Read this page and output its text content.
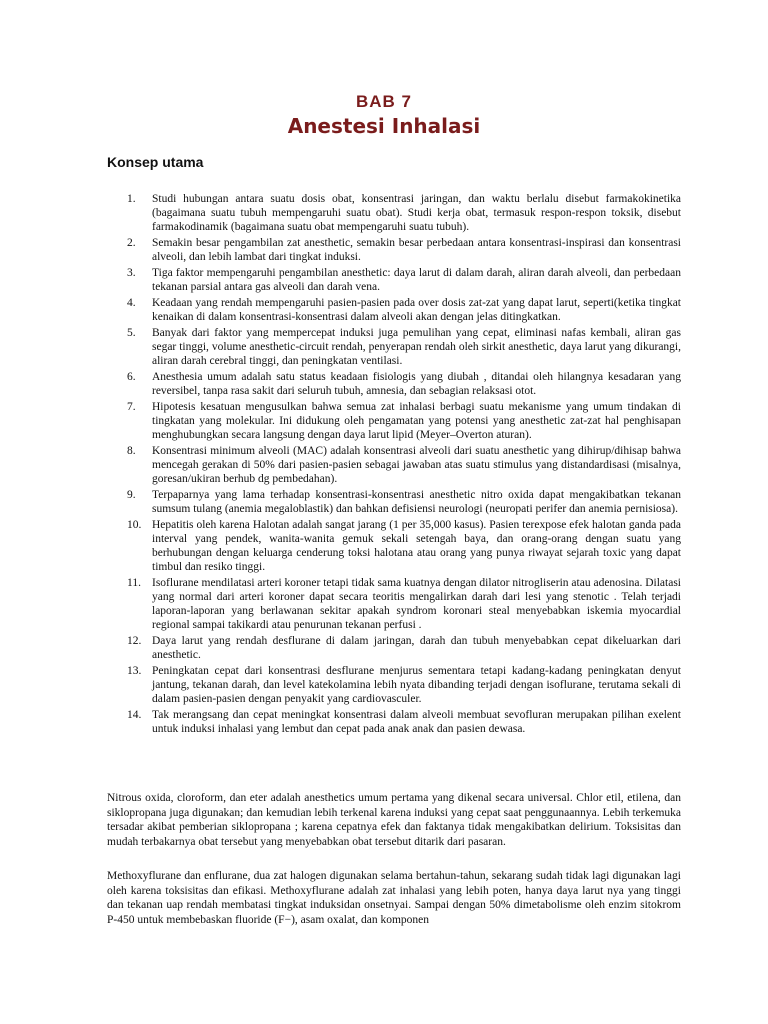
BAB 7
Anestesi Inhalasi
Konsep utama
1.	Studi hubungan antara suatu dosis obat, konsentrasi jaringan, dan waktu berlalu disebut farmakokinetika (bagaimana suatu tubuh mempengaruhi suatu obat). Studi kerja obat, termasuk respon-respon toksik, disebut farmakodinamik (bagaimana suatu obat mempengaruhi suatu tubuh).
2.	Semakin besar pengambilan zat anesthetic, semakin besar perbedaan antara konsentrasi-inspirasi dan konsentrasi alveoli, dan lebih lambat dari tingkat induksi.
3.	Tiga faktor mempengaruhi pengambilan anesthetic: daya larut di dalam darah, aliran darah alveoli, dan perbedaan tekanan parsial antara gas alveoli dan darah vena.
4.	Keadaan yang rendah mempengaruhi pasien-pasien pada over dosis zat-zat yang dapat larut, seperti(ketika tingkat kenaikan di dalam konsentrasi-konsentrasi dalam alveoli akan dengan jelas ditingkatkan.
5.	Banyak dari faktor yang mempercepat induksi juga pemulihan yang cepat, eliminasi nafas kembali, aliran gas segar tinggi, volume anesthetic-circuit rendah, penyerapan rendah oleh sirkit anesthetic, daya larut yang dikurangi, aliran darah cerebral tinggi, dan peningkatan ventilasi.
6.	Anesthesia umum adalah satu status keadaan fisiologis yang diubah , ditandai oleh hilangnya kesadaran yang reversibel, tanpa rasa sakit dari seluruh tubuh, amnesia, dan sebagian relaksasi otot.
7.	Hipotesis kesatuan mengusulkan bahwa semua zat inhalasi berbagi suatu mekanisme yang umum tindakan di tingkatan yang molekular. Ini didukung oleh pengamatan yang potensi yang anesthetic zat-zat hal penghisapan menghubungkan secara langsung dengan daya larut lipid (Meyer–Overton aturan).
8.	Konsentrasi minimum alveoli (MAC) adalah konsentrasi alveoli dari suatu anesthetic yang dihirup/dihisap bahwa mencegah gerakan di 50% dari pasien-pasien sebagai jawaban atas suatu stimulus yang distandardisasi (misalnya, goresan/ukiran berhub dg pembedahan).
9.	Terpaparnya yang lama terhadap konsentrasi-konsentrasi anesthetic nitro oxida dapat mengakibatkan tekanan sumsum tulang (anemia megaloblastik) dan bahkan defisiensi neurologi (neuropati perifer dan anemia pernisiosa).
10. Hepatitis oleh karena Halotan adalah sangat jarang (1 per 35,000 kasus). Pasien terexpose efek halotan ganda pada interval yang pendek, wanita-wanita gemuk sekali setengah baya, dan orang-orang dengan suatu yang berhubungan dengan keluarga cenderung toksi halotana atau orang yang punya riwayat sejarah toxic yang dapat timbul dan resiko tinggi.
11. Isoflurane mendilatasi arteri koroner tetapi tidak sama kuatnya dengan dilator nitrogliserin atau adenosina. Dilatasi yang normal dari arteri koroner dapat secara teoritis mengalirkan darah dari lesi yang stenotic . Telah terjadi laporan-laporan yang berlawanan sekitar apakah syndrom koronari steal menyebabkan iskemia myocardial regional sampai takikardi atau penurunan tekanan perfusi .
12. Daya larut yang rendah desflurane di dalam jaringan, darah dan tubuh menyebabkan cepat dikeluarkan dari anesthetic.
13. Peningkatan cepat dari konsentrasi desflurane menjurus sementara tetapi kadang-kadang peningkatan denyut jantung, tekanan darah, dan level katekolamina lebih nyata dibanding terjadi dengan isoflurane, terutama sekali di dalam pasien-pasien dengan penyakit yang cardiovasculer.
14. Tak merangsang dan cepat meningkat konsentrasi dalam alveoli membuat sevofluran merupakan pilihan exelent untuk induksi inhalasi yang lembut dan cepat pada anak anak dan pasien dewasa.

Nitrous oxida, cloroform, dan eter adalah anesthetics umum pertama yang dikenal secara universal. Chlor etil, etilena, dan siklopropana juga digunakan; dan kemudian lebih terkenal karena induksi yang cepat saat penggunaannya. Lebih terkemuka tersadar akibat pemberian siklopropana ; karena cepatnya efek dan faktanya tidak mengakibatkan delirium. Toksisitas dan mudah terbakarnya obat tersebut yang menyebabkan obat tersebut ditarik dari pasaran.

Methoxyflurane dan enflurane, dua zat halogen digunakan selama bertahun-tahun, sekarang sudah tidak lagi digunakan lagi oleh karena toksisitas dan efikasi. Methoxyflurane adalah zat inhalasi yang lebih poten, hanya daya larut nya yang tinggi dan tekanan uap rendah membatasi tingkat induksidan onsetnyai. Sampai dengan 50% dimetabolisme oleh enzim sitokrom P-450 untuk membebaskan fluoride (F−), asam oxalat, dan komponen
